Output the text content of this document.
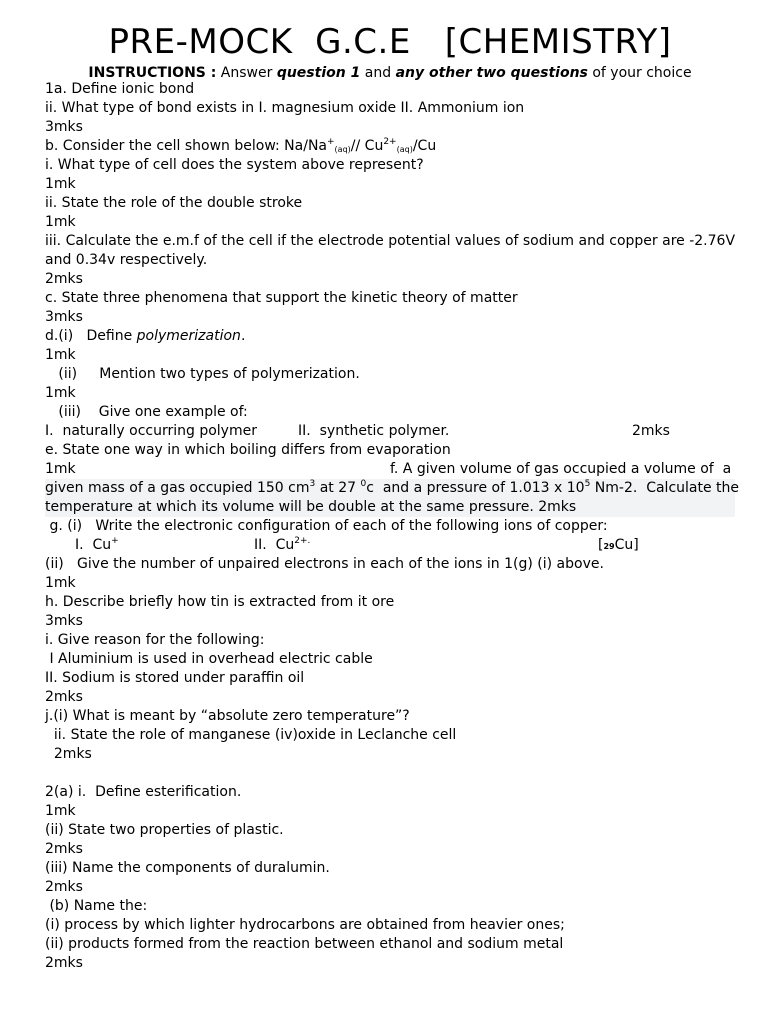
PRE-MOCK  G.C.E   [CHEMISTRY]
INSTRUCTIONS : Answer question 1 and any other two questions of your choice
1a. Define ionic bond
ii. What type of bond exists in I. magnesium oxide II. Ammonium ion
3mks
b. Consider the cell shown below: $Na/Na^+_{(aq)}//$ $Cu^{2+}_{(aq)}/Cu$
i. What type of cell does the system above represent?
1mk
ii. State the role of the double stroke
1mk
iii. Calculate the e.m.f of the cell if the electrode potential values of sodium and copper are -2.76V
and 0.34v respectively.
2mks
c. State three phenomena that support the kinetic theory of matter
3mks
d.(i)   Define polymerization.
1mk
(ii)     Mention two types of polymerization.
1mk
(iii)    Give one example of:
I.  naturally occurring polymer	II.  synthetic polymer.	2mks
e. State one way in which boiling differs from evaporation
1mk	f. A given volume of gas occupied a volume of  a
given mass of a gas occupied 150 $cm^3$ at 27 $^0$c  and a pressure of 1.013 x $10^5$ Nm-2.  Calculate the
temperature at which its volume will be double at the same pressure. 2mks
g. (i)   Write the electronic configuration of each of the following ions of copper:
I.  Cu+	II.  $Cu^{2+.}$	[29Cu]
(ii)   Give the number of unpaired electrons in each of the ions in 1(g) (i) above.
1mk
h. Describe briefly how tin is extracted from it ore
3mks
i. Give reason for the following:
I Aluminium is used in overhead electric cable
II. Sodium is stored under paraffin oil
2mks
j.(i) What is meant by “absolute zero temperature”?
ii. State the role of manganese (iv)oxide in Leclanche cell
2mks
2(a) i.  Define esterification.
1mk
(ii) State two properties of plastic.
2mks
(iii) Name the components of duralumin.
2mks
(b) Name the:
(i) process by which lighter hydrocarbons are obtained from heavier ones;
(ii) products formed from the reaction between ethanol and sodium metal
2mks
